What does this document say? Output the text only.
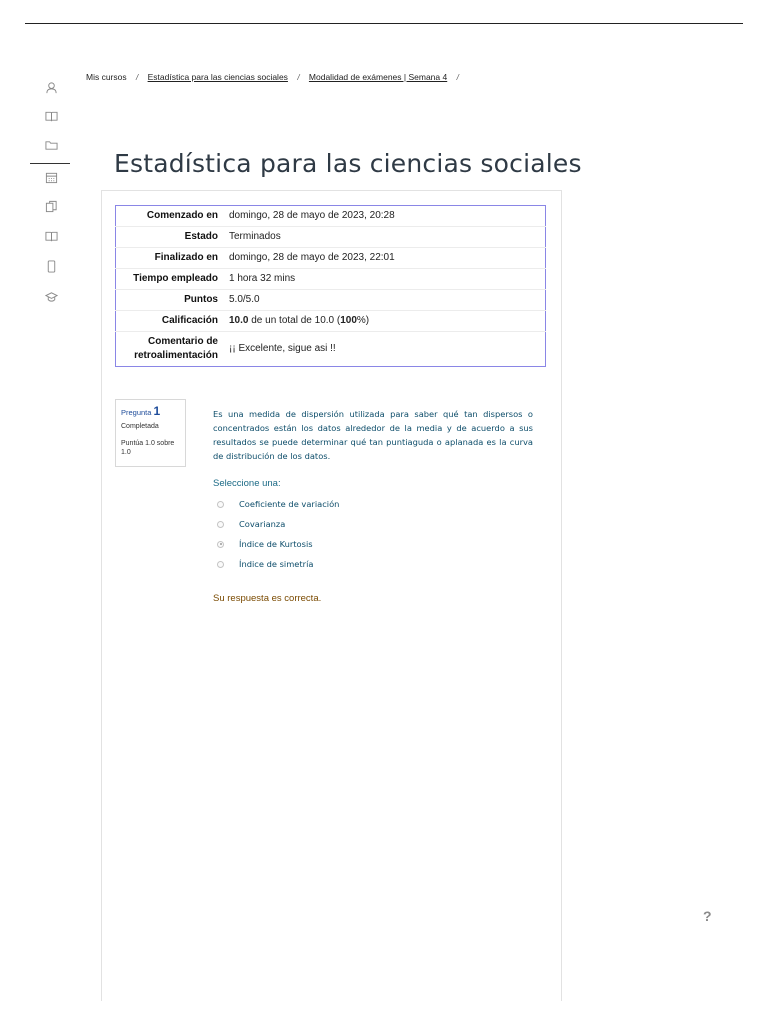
Mis cursos / Estadística para las ciencias sociales / Modalidad de exámenes | Semana 4 /
Estadística para las ciencias sociales
Comenzado en	domingo, 28 de mayo de 2023, 20:28
Estado	Terminados
Finalizado en	domingo, 28 de mayo de 2023, 22:01
Tiempo empleado	1 hora 32 mins
Puntos	5.0/5.0
Calificación	10.0 de un total de 10.0 (100%)
Comentario de retroalimentación	¡¡ Excelente, sigue asi !!
Pregunta 1
Completada
Puntúa 1.0 sobre 1.0
Es una medida de dispersión utilizada para saber qué tan dispersos o concentrados están los datos alrededor de la media y de acuerdo a sus resultados se puede determinar qué tan puntiaguda o aplanada es la curva de distribución de los datos.
Seleccione una:
Coeficiente de variación
Covarianza
Índice de Kurtosis
Índice de simetría
Su respuesta es correcta.
?
